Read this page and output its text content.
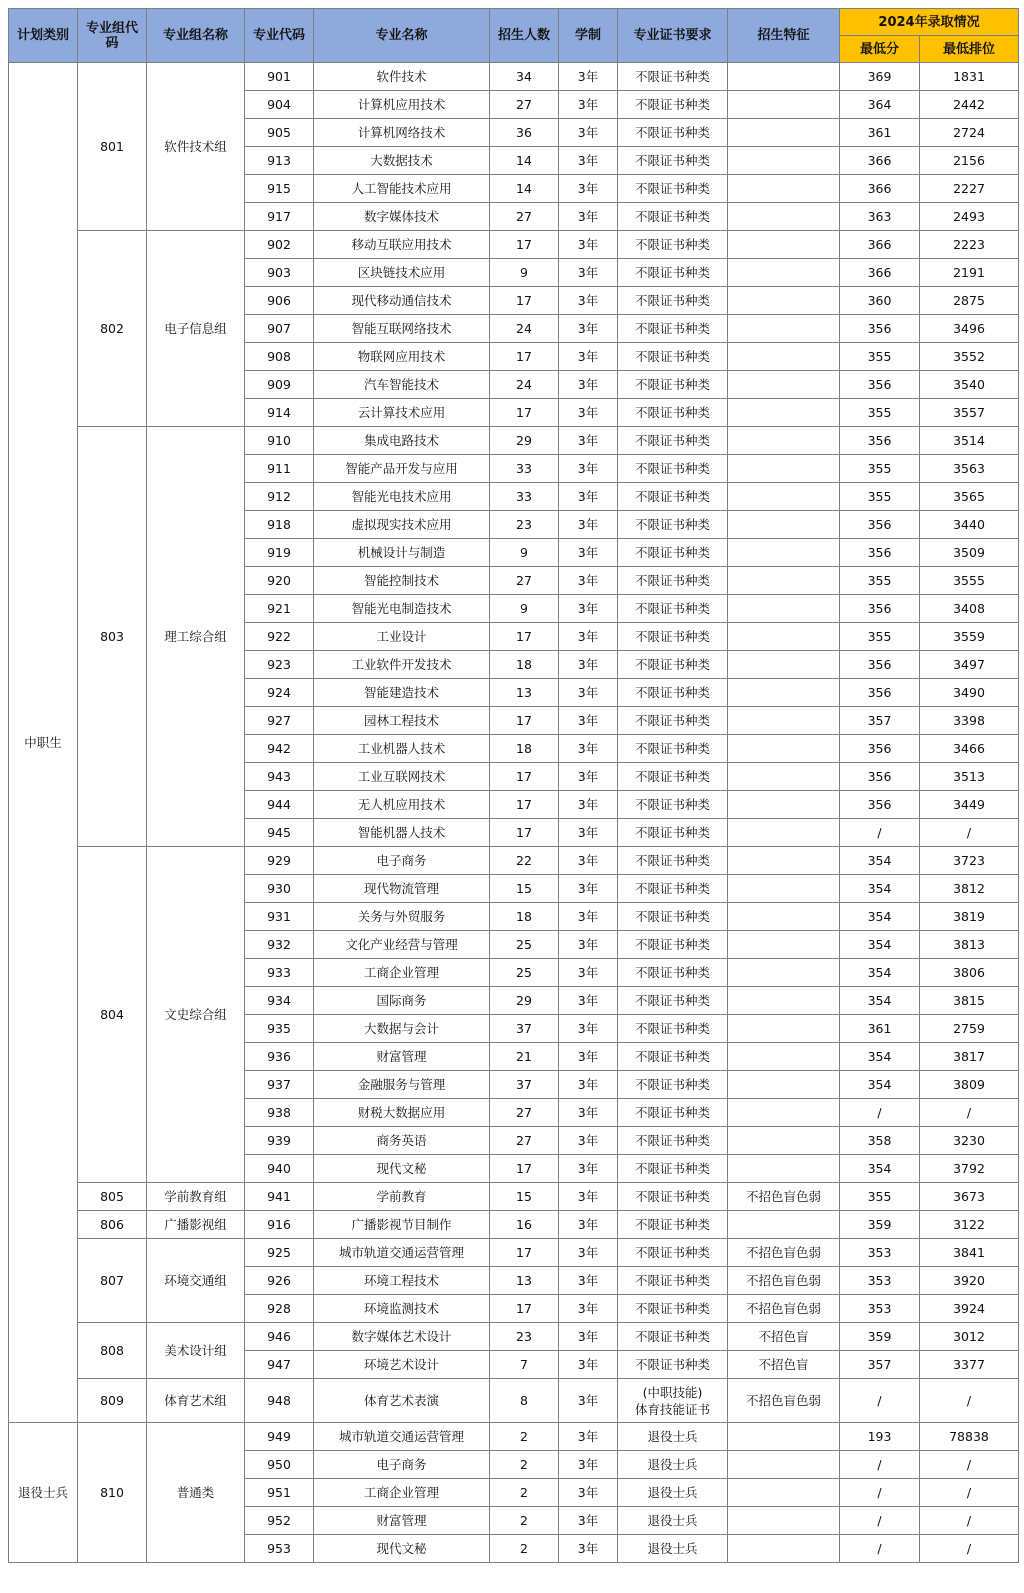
计划类别	专业组代码	专业组名称	专业代码	专业名称	招生人数	学制	专业证书要求	招生特征	2024年录取情况	
									最低分	最低排位
中职生	801	软件技术组	901	软件技术	34	3年	不限证书种类		369	1831
			904	计算机应用技术	27	3年	不限证书种类		364	2442
			905	计算机网络技术	36	3年	不限证书种类		361	2724
			913	大数据技术	14	3年	不限证书种类		366	2156
			915	人工智能技术应用	14	3年	不限证书种类		366	2227
			917	数字媒体技术	27	3年	不限证书种类		363	2493
	802	电子信息组	902	移动互联应用技术	17	3年	不限证书种类		366	2223
			903	区块链技术应用	9	3年	不限证书种类		366	2191
			906	现代移动通信技术	17	3年	不限证书种类		360	2875
			907	智能互联网络技术	24	3年	不限证书种类		356	3496
			908	物联网应用技术	17	3年	不限证书种类		355	3552
			909	汽车智能技术	24	3年	不限证书种类		356	3540
			914	云计算技术应用	17	3年	不限证书种类		355	3557
	803	理工综合组	910	集成电路技术	29	3年	不限证书种类		356	3514
			911	智能产品开发与应用	33	3年	不限证书种类		355	3563
			912	智能光电技术应用	33	3年	不限证书种类		355	3565
			918	虚拟现实技术应用	23	3年	不限证书种类		356	3440
			919	机械设计与制造	9	3年	不限证书种类		356	3509
			920	智能控制技术	27	3年	不限证书种类		355	3555
			921	智能光电制造技术	9	3年	不限证书种类		356	3408
			922	工业设计	17	3年	不限证书种类		355	3559
			923	工业软件开发技术	18	3年	不限证书种类		356	3497
			924	智能建造技术	13	3年	不限证书种类		356	3490
			927	园林工程技术	17	3年	不限证书种类		357	3398
			942	工业机器人技术	18	3年	不限证书种类		356	3466
			943	工业互联网技术	17	3年	不限证书种类		356	3513
			944	无人机应用技术	17	3年	不限证书种类		356	3449
			945	智能机器人技术	17	3年	不限证书种类		/	/
	804	文史综合组	929	电子商务	22	3年	不限证书种类		354	3723
			930	现代物流管理	15	3年	不限证书种类		354	3812
			931	关务与外贸服务	18	3年	不限证书种类		354	3819
			932	文化产业经营与管理	25	3年	不限证书种类		354	3813
			933	工商企业管理	25	3年	不限证书种类		354	3806
			934	国际商务	29	3年	不限证书种类		354	3815
			935	大数据与会计	37	3年	不限证书种类		361	2759
			936	财富管理	21	3年	不限证书种类		354	3817
			937	金融服务与管理	37	3年	不限证书种类		354	3809
			938	财税大数据应用	27	3年	不限证书种类		/	/
			939	商务英语	27	3年	不限证书种类		358	3230
			940	现代文秘	17	3年	不限证书种类		354	3792
	805	学前教育组	941	学前教育	15	3年	不限证书种类	不招色盲色弱	355	3673
	806	广播影视组	916	广播影视节目制作	16	3年	不限证书种类		359	3122
	807	环境交通组	925	城市轨道交通运营管理	17	3年	不限证书种类	不招色盲色弱	353	3841
			926	环境工程技术	13	3年	不限证书种类	不招色盲色弱	353	3920
			928	环境监测技术	17	3年	不限证书种类	不招色盲色弱	353	3924
	808	美术设计组	946	数字媒体艺术设计	23	3年	不限证书种类	不招色盲	359	3012
			947	环境艺术设计	7	3年	不限证书种类	不招色盲	357	3377
	809	体育艺术组	948	体育艺术表演	8	3年	(中职技能)
体育技能证书	不招色盲色弱	/	/
退役士兵	810	普通类	949	城市轨道交通运营管理	2	3年	退役士兵		193	78838
			950	电子商务	2	3年	退役士兵		/	/
			951	工商企业管理	2	3年	退役士兵		/	/
			952	财富管理	2	3年	退役士兵		/	/
			953	现代文秘	2	3年	退役士兵		/	/
